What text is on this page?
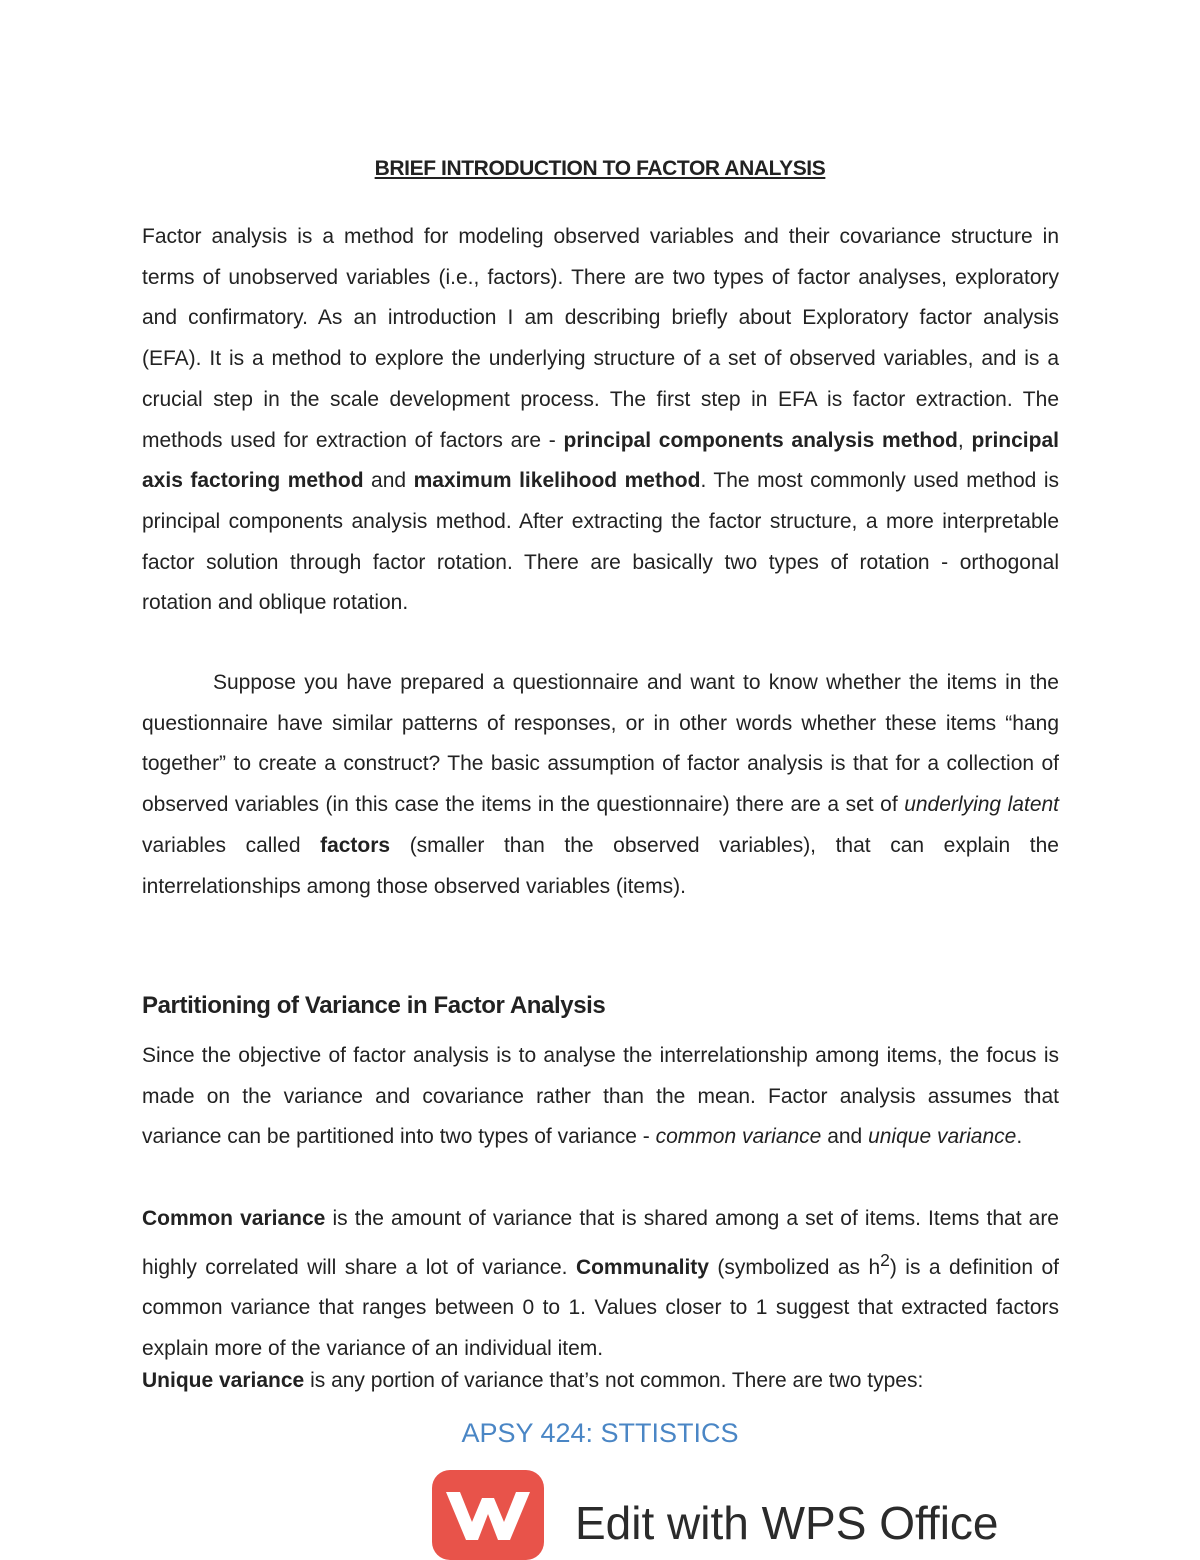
BRIEF INTRODUCTION TO FACTOR ANALYSIS

Factor analysis is a method for modeling observed variables and their covariance structure in terms of unobserved variables (i.e., factors). There are two types of factor analyses, exploratory and confirmatory. As an introduction I am describing briefly about Exploratory factor analysis (EFA). It is a method to explore the underlying structure of a set of observed variables, and is a crucial step in the scale development process. The first step in EFA is factor extraction. The methods used for extraction of factors are - principal components analysis method, principal axis factoring method and maximum likelihood method. The most commonly used method is principal components analysis method. After extracting the factor structure, a more interpretable factor solution through factor rotation. There are basically two types of rotation - orthogonal rotation and oblique rotation.

Suppose you have prepared a questionnaire and want to know whether the items in the questionnaire have similar patterns of responses, or in other words whether these items “hang together” to create a construct? The basic assumption of factor analysis is that for a collection of observed variables (in this case the items in the questionnaire) there are a set of underlying latent variables called factors (smaller than the observed variables), that can explain the interrelationships among those observed variables (items).

Partitioning of Variance in Factor Analysis

Since the objective of factor analysis is to analyse the interrelationship among items, the focus is made on the variance and covariance rather than the mean. Factor analysis assumes that variance can be partitioned into two types of variance - common variance and unique variance.

Common variance is the amount of variance that is shared among a set of items. Items that are highly correlated will share a lot of variance. Communality (symbolized as $h^2$) is a definition of common variance that ranges between 0 to 1. Values closer to 1 suggest that extracted factors explain more of the variance of an individual item.

Unique variance is any portion of variance that’s not common. There are two types:

APSY 424: STTISTICS
Edit with WPS Office
